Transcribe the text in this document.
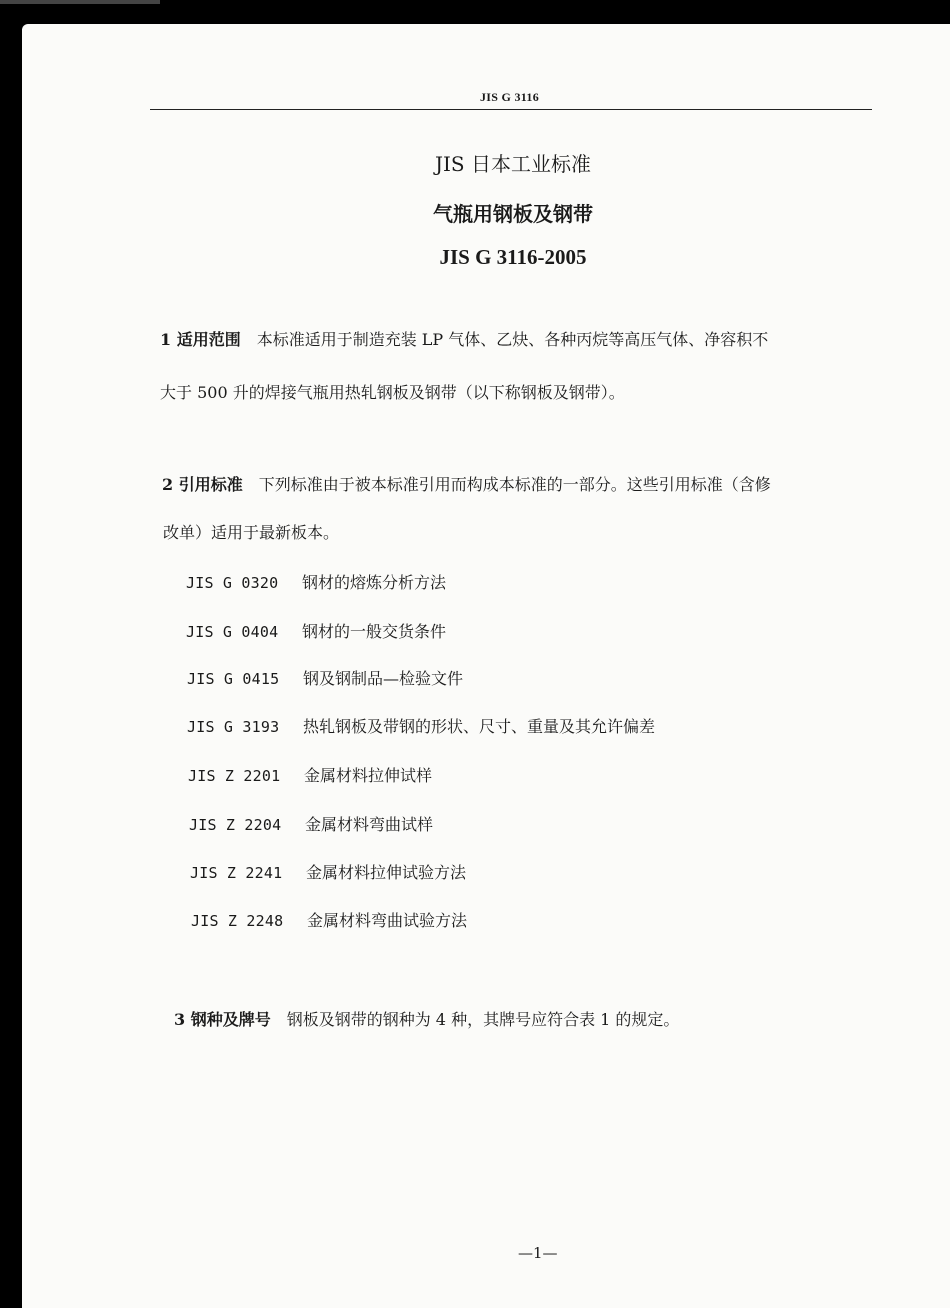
JIS G 3116
JIS 日本工业标准
气瓶用钢板及钢带
JIS G 3116-2005
1 适用范围 本标准适用于制造充装 LP 气体、乙炔、各种丙烷等高压气体、净容积不
大于 500 升的焊接气瓶用热轧钢板及钢带（以下称钢板及钢带）。
2 引用标准 下列标准由于被本标准引用而构成本标准的一部分。这些引用标准（含修
改单）适用于最新板本。
JIS G 0320 钢材的熔炼分析方法
JIS G 0404 钢材的一般交货条件
JIS G 0415 钢及钢制品—检验文件
JIS G 3193 热轧钢板及带钢的形状、尺寸、重量及其允许偏差
JIS Z 2201 金属材料拉伸试样
JIS Z 2204 金属材料弯曲试样
JIS Z 2241 金属材料拉伸试验方法
JIS Z 2248 金属材料弯曲试验方法
3 钢种及牌号 钢板及钢带的钢种为 4 种，其牌号应符合表 1 的规定。
—1—
